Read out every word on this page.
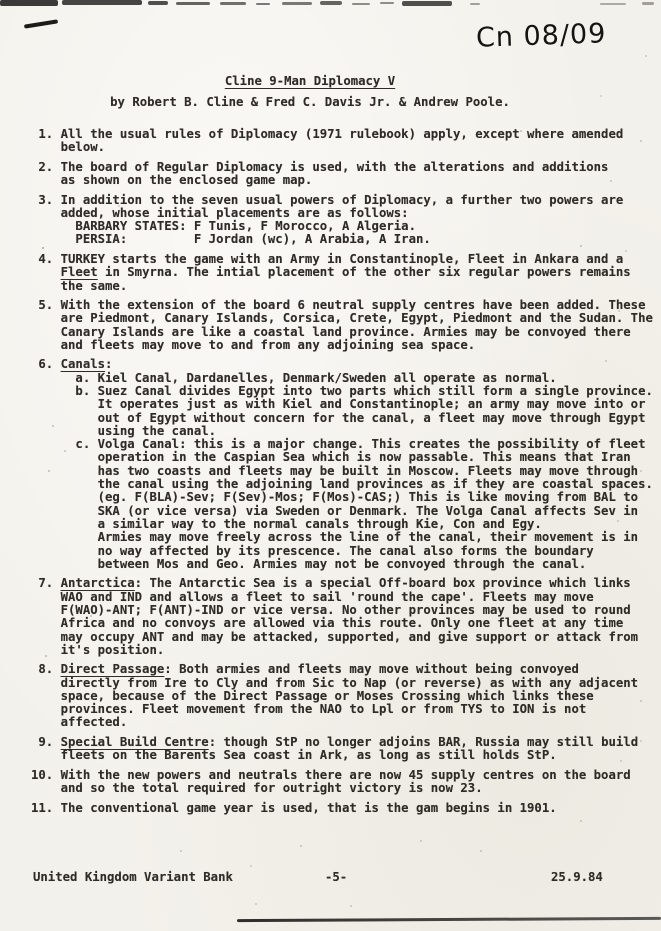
Cn 08/09
Cline 9-Man Diplomacy V
by Robert B. Cline & Fred C. Davis Jr. & Andrew Poole.
1. All the usual rules of Diplomacy (1971 rulebook) apply, except where amended
below.
2. The board of Regular Diplomacy is used, with the alterations and additions
as shown on the enclosed game map.
3. In addition to the seven usual powers of Diplomacy, a further two powers are
added, whose initial placements are as follows:
BARBARY STATES: F Tunis, F Morocco, A Algeria.
PERSIA:         F Jordan (wc), A Arabia, A Iran.
4. TURKEY starts the game with an Army in Constantinople, Fleet in Ankara and a
Fleet in Smyrna. The intial placement of the other six regular powers remains
the same.
5. With the extension of the board 6 neutral supply centres have been added. These
are Piedmont, Canary Islands, Corsica, Crete, Egypt, Piedmont and the Sudan. The
Canary Islands are like a coastal land province. Armies may be convoyed there
and fleets may move to and from any adjoining sea space.
6. Canals:
a. Kiel Canal, Dardanelles, Denmark/Sweden all operate as normal.
b. Suez Canal divides Egypt into two parts which still form a single province.
It operates just as with Kiel and Constantinople; an army may move into or
out of Egypt without concern for the canal, a fleet may move through Egypt
using the canal.
c. Volga Canal: this is a major change. This creates the possibility of fleet
operation in the Caspian Sea which is now passable. This means that Iran
has two coasts and fleets may be built in Moscow. Fleets may move through
the canal using the adjoining land provinces as if they are coastal spaces.
(eg. F(BLA)-Sev; F(Sev)-Mos; F(Mos)-CAS;) This is like moving from BAL to
SKA (or vice versa) via Sweden or Denmark. The Volga Canal affects Sev in
a similar way to the normal canals through Kie, Con and Egy.
Armies may move freely across the line of the canal, their movement is in
no way affected by its prescence. The canal also forms the boundary
between Mos and Geo. Armies may not be convoyed through the canal.
7. Antarctica: The Antarctic Sea is a special Off-board box province which links
WAO and IND and allows a fleet to sail 'round the cape'. Fleets may move
F(WAO)-ANT; F(ANT)-IND or vice versa. No other provinces may be used to round
Africa and no convoys are allowed via this route. Only one fleet at any time
may occupy ANT and may be attacked, supported, and give support or attack from
it's position.
8. Direct Passage: Both armies and fleets may move without being convoyed
directly from Ire to Cly and from Sic to Nap (or reverse) as with any adjacent
space, because of the Direct Passage or Moses Crossing which links these
provinces. Fleet movement from the NAO to Lpl or from TYS to ION is not
affected.
9. Special Build Centre: though StP no longer adjoins BAR, Russia may still build
fleets on the Barents Sea coast in Ark, as long as still holds StP.
10. With the new powers and neutrals there are now 45 supply centres on the board
and so the total required for outright victory is now 23.
11. The conventional game year is used, that is the gam begins in 1901.
United Kingdom Variant Bank	-5-	25.9.84
